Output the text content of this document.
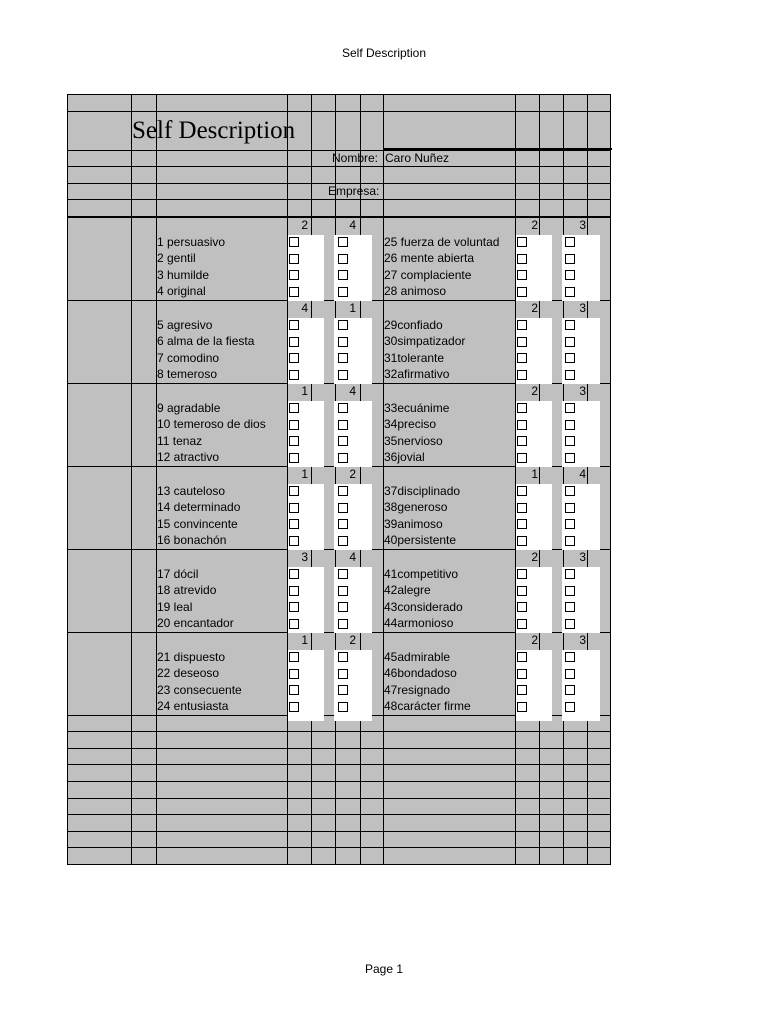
Self Description
Self Description
Nombre: Caro Nuñez
Empresa:
2	4	2	3
1 persuasivo	25 fuerza de voluntad
2 gentil	26 mente abierta
3 humilde	27 complaciente
4 original	28 animoso
4	1	2	3
5 agresivo	29confiado
6 alma de la fiesta	30simpatizador
7 comodino	31tolerante
8 temeroso	32afirmativo
1	4	2	3
9 agradable	33ecuánime
10 temeroso de dios	34preciso
11 tenaz	35nervioso
12 atractivo	36jovial
1	2	1	4
13 cauteloso	37disciplinado
14 determinado	38generoso
15 convincente	39animoso
16 bonachón	40persistente
3	4	2	3
17 dócil	41competitivo
18 atrevido	42alegre
19 leal	43considerado
20 encantador	44armonioso
1	2	2	3
21 dispuesto	45admirable
22 deseoso	46bondadoso
23 consecuente	47resignado
24 entusiasta	48carácter firme
Page 1
